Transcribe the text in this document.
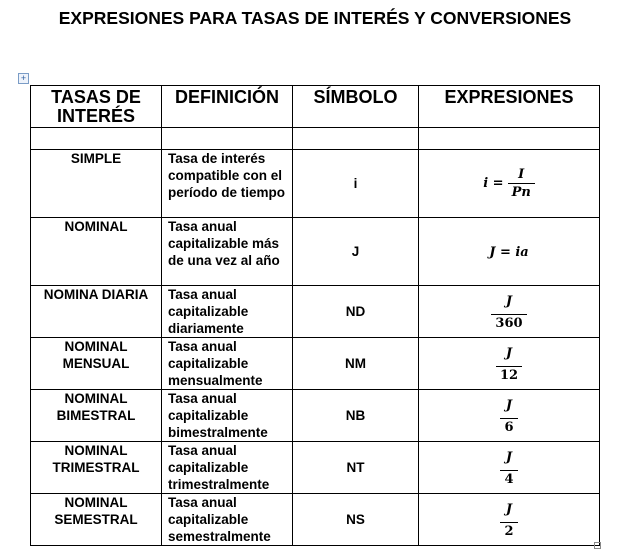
EXPRESIONES PARA TASAS DE INTERÉS Y CONVERSIONES
+
TASAS DE INTERÉS	DEFINICIÓN	SÍMBOLO	EXPRESIONES

SIMPLE	Tasa de interés compatible con el período de tiempo	i	$i = \frac{I}{Pn}$

NOMINAL	Tasa anual capitalizable más de una vez al año	J	J = ia
NOMINA DIARIA	Tasa anual capitalizable diariamente	ND	$\frac{J}{360}$

NOMINAL MENSUAL	Tasa anual capitalizable mensualmente	NM	$\frac{J}{12}$

NOMINAL BIMESTRAL	Tasa anual capitalizable bimestralmente	NB	$\frac{J}{6}$

NOMINAL TRIMESTRAL	Tasa anual capitalizable trimestralmente	NT	$\frac{J}{4}$

NOMINAL SEMESTRAL	Tasa anual capitalizable semestralmente	NS	$\frac{J}{2}$
